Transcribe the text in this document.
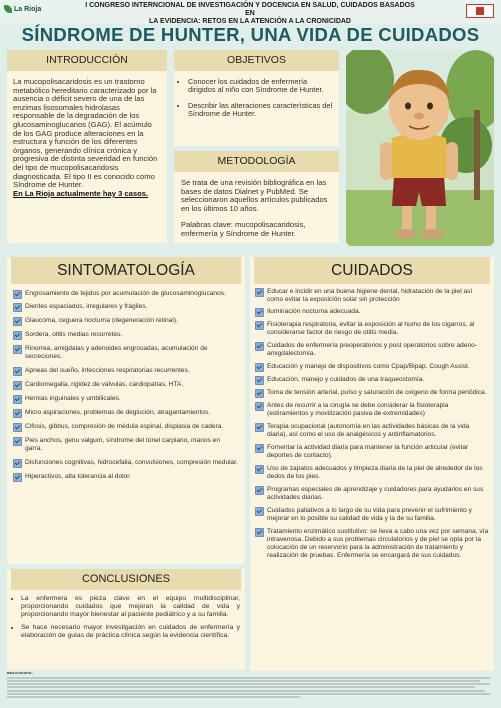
La Rioja	I CONGRESO INTERNCIONAL DE INVESTIGACIÓN Y DOCENCIA EN SALUD, CUIDADOS BASADOS EN
LA EVIDENCIA: RETOS EN LA ATENCIÓN A LA CRONICIDAD
SÍNDROME DE HUNTER, UNA VIDA DE CUIDADOS
INTRODUCCIÓN
La mucopolisacaridosis es un trastorno metabólico hereditario caracterizado por la ausencia o déficit severo de una de las enzimas lisosomales hidrolasas responsable de la degradación de los glucosaminoglucanos (GAG). El acúmulo de los GAG produce alteraciones en la estructura y función de los diferentes órganos, generando clínica crónica y progresiva de distinta severidad en función del tipo de mucopolisacaridosis diagnosticada. El tipo II es conocido como Síndrome de Hunter.
En La Rioja actualmente hay 3 casos.
OBJETIVOS
• Conocer los cuidados de enfermería dirigidos al niño con Síndrome de Hunter.
• Describir las alteraciones características del Síndrome de Hunter.
METODOLOGÍA
Se trata de una revisión bibliográfica en las bases de datos Dialnet y PubMed. Se seleccionaron aquellos artículos publicados en los últimos 10 años.
Palabras clave: mucopolisacaridosis, enfermería y Síndrome de Hunter.
SINTOMATOLOGÍA
Engrosamiento de tejidos por acumulación de glucosaminoglucanos.
Dientes espaciados, irregulares y frágiles.
Glaucoma, ceguera nocturna (degeneración retinal).
Sordera, otitis medias recurretes.
Rinorrea, amigdalas y adenoides engrosadas, acumulación de secreciones.
Apneas del sueño, infecciones respiratorias recurrentes.
Cardiomegalia, rigidez de válvulas, cardiopatías, HTA.
Hernias inguinales y umbilicales.
Micro aspiraciones, problemas de deglución, atragantamientos.
Cifosis, gibbus, compresión de médula espinal, displasia de cadera.
Pies anchos, genu valgum, síndrome del túnel carpiano, manos en garra.
Disfunciones cognitivas, hidrocefalia, convulsiones, compresión medular.
Hiperactivos, alta tolerancia al dolor.
CUIDADOS
Educar e incidir en una buena higiene dental, hidratación de la piel así como evitar la exposición solar sin protección
Iluminación nocturna adecuada.
Fisioterapia respiratoria, evitar la exposición al humo de los cigarros, al considerarse factor de riesgo de otitis media.
Cuidados de enfermería preoperatorios y post operatorios sobre adeno-amigdalectomía.
Educación y manejo de dispositivos como Cpap/Bipap, Cough Assist.
Educación, manejo y cuidados de una traqueostomía.
Toma de tensión arterial, pulso y saturación de oxigeno de forma periódica.
Antes de recurrir a la cirugía se debe considerar la fisioterapia (estiramientos y movilización pasiva de extremidades)
Terapia ocupacional (autonomía en las actividades básicas de la vida diaria), así como el uso de analgésicos y antinflamatorios.
Fomentar la actividad diaria para mantener la función articular (evitar deportes de contacto).
Uso de zapatos adecuados y limpieza diaria de la piel de alrededor de los dedos de los pies.
Programas especiales de aprendizaje y cuidadores para ayudarlos en sus actividades diarias.
Cuidados paliativos a lo largo de su vida para prevenir el sufrimiento y mejorar en lo posible su calidad de vida y la de su familia.
Tratamiento enzimático sustitutivo: se lleva a cabo una vez por semana, vía intravenosa. Debido a sus problemas circulatorios y de piel se opta por la colocación de un reservorio para la administración de tratamiento y realización de pruebas. Enfermería se encargará de sus cuidados.
CONCLUSIONES
• La enfermera es pieza clave en el equipo multidisciplinar, proporcionando cuidados que mejoran la calidad de vida y proporcionando mayor bienestar al paciente pediátrico y a su familia.
• Se hace necesario mayor investigación en cuidados de enfermería y elaboración de guías de práctica clínica según la evidencia científica.
BIBLIOGRAFÍA:
